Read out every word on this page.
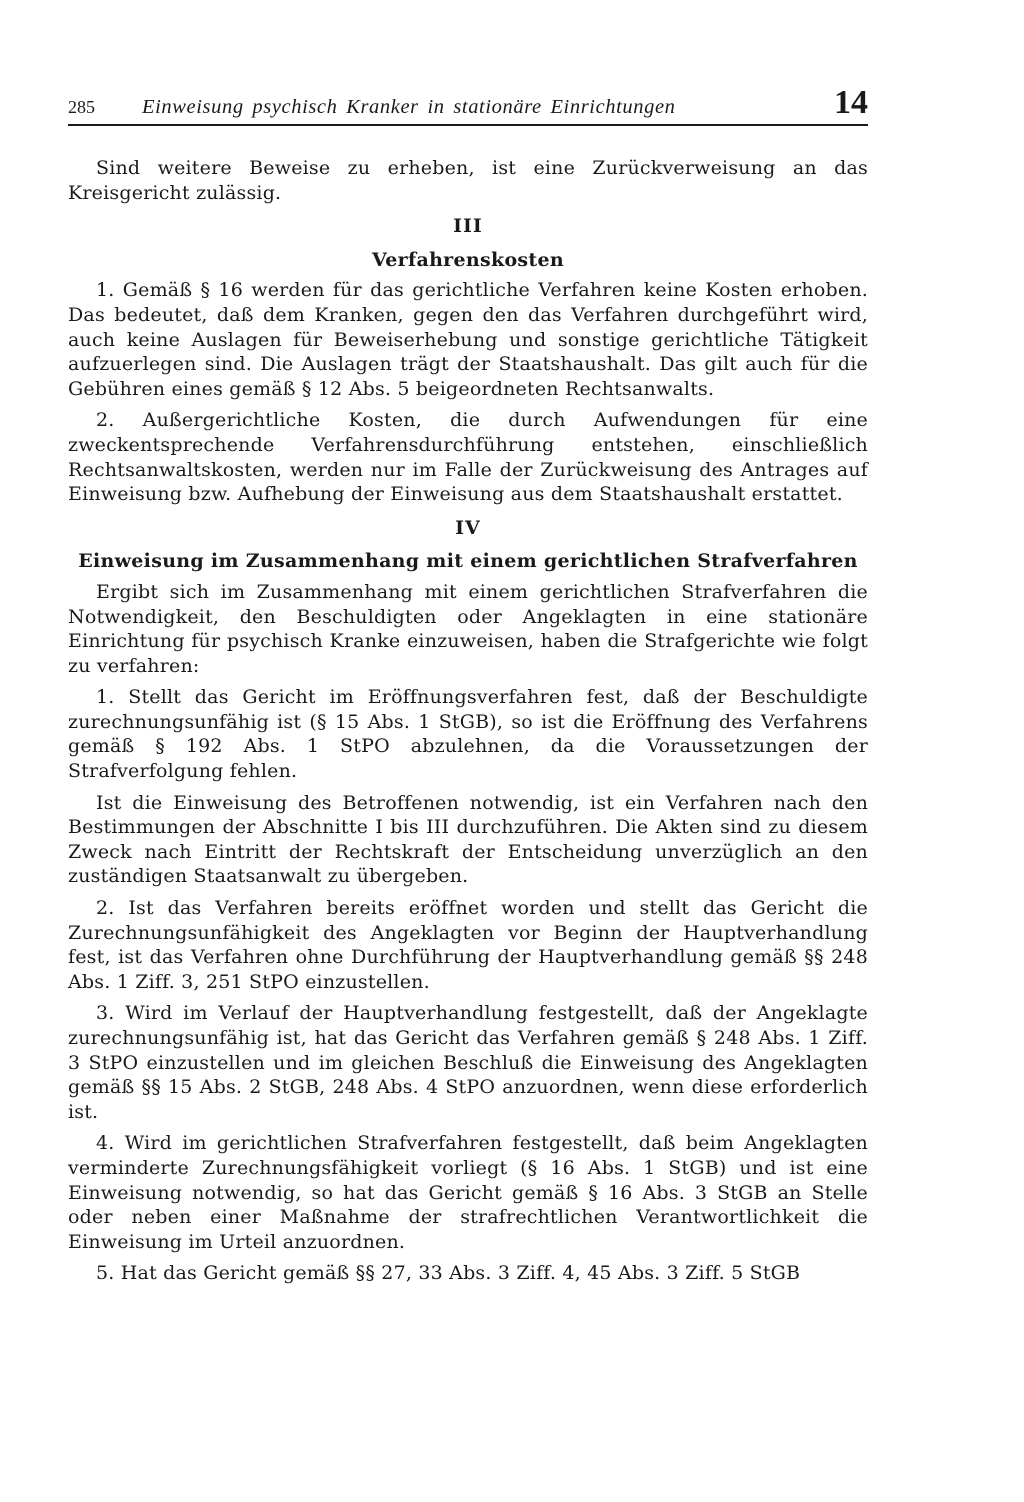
285	Einweisung psychisch Kranker in stationäre Einrichtungen	14

Sind weitere Beweise zu erheben, ist eine Zurückverweisung an das Kreisgericht zulässig.

III
Verfahrenskosten

1. Gemäß § 16 werden für das gerichtliche Verfahren keine Kosten erhoben. Das bedeutet, daß dem Kranken, gegen den das Verfahren durchgeführt wird, auch keine Auslagen für Beweiserhebung und sonstige gerichtliche Tätigkeit aufzuerlegen sind. Die Auslagen trägt der Staatshaushalt. Das gilt auch für die Gebühren eines gemäß § 12 Abs. 5 beigeordneten Rechtsanwalts.

2. Außergerichtliche Kosten, die durch Aufwendungen für eine zweckentsprechende Verfahrensdurchführung entstehen, einschließlich Rechtsanwaltskosten, werden nur im Falle der Zurückweisung des Antrages auf Einweisung bzw. Aufhebung der Einweisung aus dem Staatshaushalt erstattet.

IV
Einweisung im Zusammenhang mit einem gerichtlichen Strafverfahren

Ergibt sich im Zusammenhang mit einem gerichtlichen Strafverfahren die Notwendigkeit, den Beschuldigten oder Angeklagten in eine stationäre Einrichtung für psychisch Kranke einzuweisen, haben die Strafgerichte wie folgt zu verfahren:

1. Stellt das Gericht im Eröffnungsverfahren fest, daß der Beschuldigte zurechnungsunfähig ist (§ 15 Abs. 1 StGB), so ist die Eröffnung des Verfahrens gemäß § 192 Abs. 1 StPO abzulehnen, da die Voraussetzungen der Strafverfolgung fehlen.

Ist die Einweisung des Betroffenen notwendig, ist ein Verfahren nach den Bestimmungen der Abschnitte I bis III durchzuführen. Die Akten sind zu diesem Zweck nach Eintritt der Rechtskraft der Entscheidung unverzüglich an den zuständigen Staatsanwalt zu übergeben.

2. Ist das Verfahren bereits eröffnet worden und stellt das Gericht die Zurechnungsunfähigkeit des Angeklagten vor Beginn der Hauptverhandlung fest, ist das Verfahren ohne Durchführung der Hauptverhandlung gemäß §§ 248 Abs. 1 Ziff. 3, 251 StPO einzustellen.

3. Wird im Verlauf der Hauptverhandlung festgestellt, daß der Angeklagte zurechnungsunfähig ist, hat das Gericht das Verfahren gemäß § 248 Abs. 1 Ziff. 3 StPO einzustellen und im gleichen Beschluß die Einweisung des Angeklagten gemäß §§ 15 Abs. 2 StGB, 248 Abs. 4 StPO anzuordnen, wenn diese erforderlich ist.

4. Wird im gerichtlichen Strafverfahren festgestellt, daß beim Angeklagten verminderte Zurechnungsfähigkeit vorliegt (§ 16 Abs. 1 StGB) und ist eine Einweisung notwendig, so hat das Gericht gemäß § 16 Abs. 3 StGB an Stelle oder neben einer Maßnahme der strafrechtlichen Verantwortlichkeit die Einweisung im Urteil anzuordnen.

5. Hat das Gericht gemäß §§ 27, 33 Abs. 3 Ziff. 4, 45 Abs. 3 Ziff. 5 StGB
